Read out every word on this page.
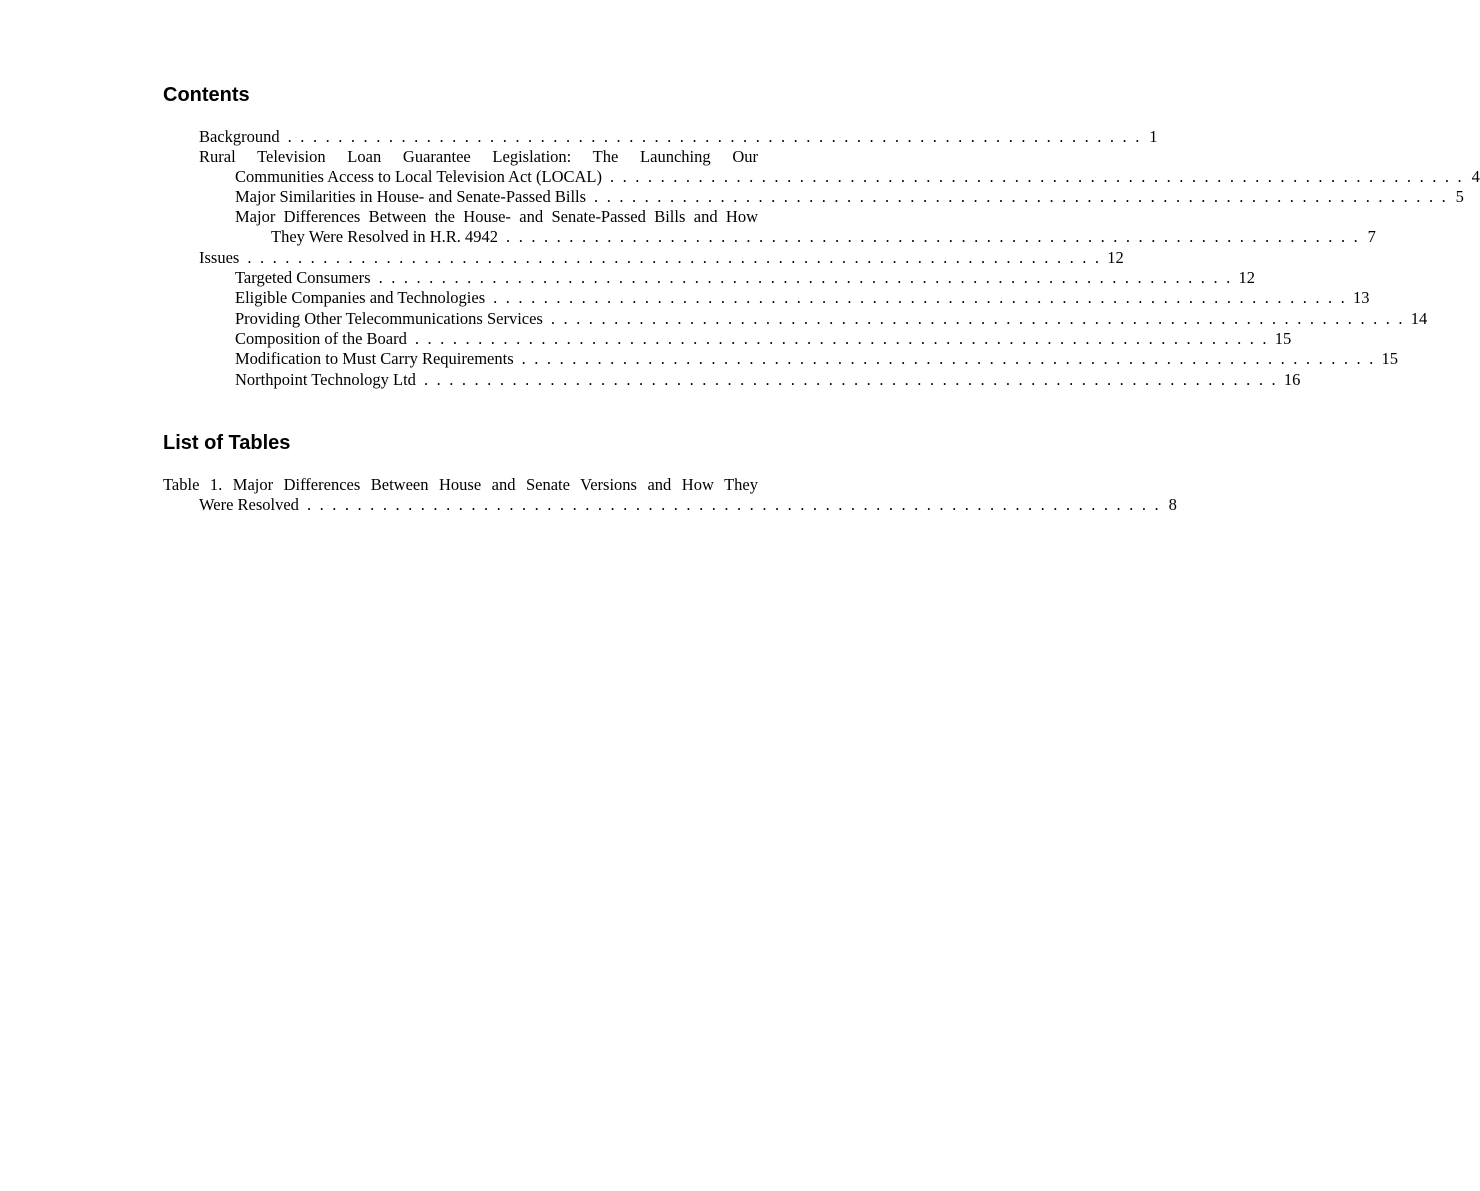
Contents
Background . . . . . . . . . . . . . . . . . . . . . . . . . . . . . . . . . . . . . . . . . . . . . . . . . . . . . . . . . . . . . . . . . . . . 1
Rural Television Loan Guarantee Legislation: The Launching Our
Communities Access to Local Television Act (LOCAL) . . . . . . . . . . . . . . . . . . . . . . . . . . . . . . . . . . . . . . . . . . . . . . . . . . . . . . . . . . . . . . . . . . . . 4
Major Similarities in House- and Senate-Passed Bills . . . . . . . . . . . . . . . . . . . . . . . . . . . . . . . . . . . . . . . . . . . . . . . . . . . . . . . . . . . . . . . . . . . . 5
Major Differences Between the House- and Senate-Passed Bills and How
They Were Resolved in H.R. 4942 . . . . . . . . . . . . . . . . . . . . . . . . . . . . . . . . . . . . . . . . . . . . . . . . . . . . . . . . . . . . . . . . . . . . 7
Issues . . . . . . . . . . . . . . . . . . . . . . . . . . . . . . . . . . . . . . . . . . . . . . . . . . . . . . . . . . . . . . . . . . . . 12
Targeted Consumers . . . . . . . . . . . . . . . . . . . . . . . . . . . . . . . . . . . . . . . . . . . . . . . . . . . . . . . . . . . . . . . . . . . . 12
Eligible Companies and Technologies . . . . . . . . . . . . . . . . . . . . . . . . . . . . . . . . . . . . . . . . . . . . . . . . . . . . . . . . . . . . . . . . . . . . 13
Providing Other Telecommunications Services . . . . . . . . . . . . . . . . . . . . . . . . . . . . . . . . . . . . . . . . . . . . . . . . . . . . . . . . . . . . . . . . . . . . 14
Composition of the Board . . . . . . . . . . . . . . . . . . . . . . . . . . . . . . . . . . . . . . . . . . . . . . . . . . . . . . . . . . . . . . . . . . . . 15
Modification to Must Carry Requirements . . . . . . . . . . . . . . . . . . . . . . . . . . . . . . . . . . . . . . . . . . . . . . . . . . . . . . . . . . . . . . . . . . . . 15
Northpoint Technology Ltd . . . . . . . . . . . . . . . . . . . . . . . . . . . . . . . . . . . . . . . . . . . . . . . . . . . . . . . . . . . . . . . . . . . . 16
List of Tables
Table 1. Major Differences Between House and Senate Versions and How They
Were Resolved . . . . . . . . . . . . . . . . . . . . . . . . . . . . . . . . . . . . . . . . . . . . . . . . . . . . . . . . . . . . . . . . . . . . 8
